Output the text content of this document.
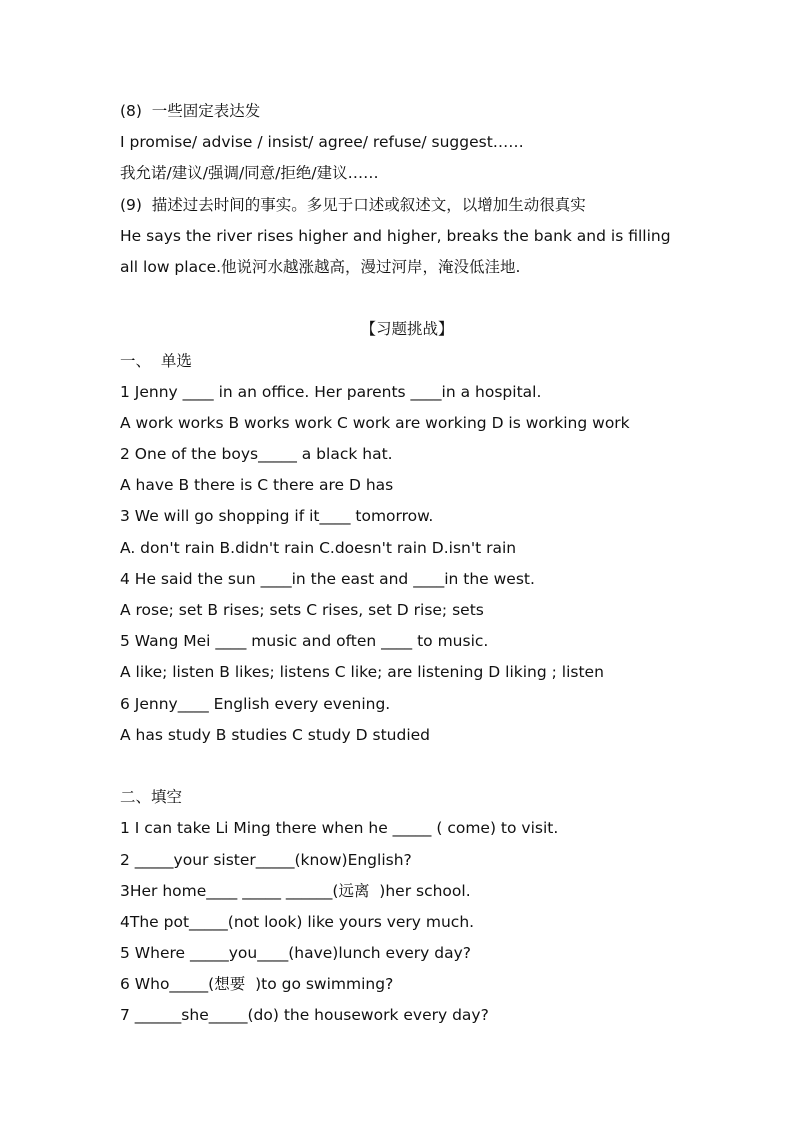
(8)  一些固定表达发
I promise/ advise / insist/ agree/ refuse/ suggest……
我允诺/建议/强调/同意/拒绝/建议……
(9)  描述过去时间的事实。多见于口述或叙述文，以增加生动很真实
He says the river rises higher and higher, breaks the bank and is filling
all low place.他说河水越涨越高，漫过河岸，淹没低洼地.
【习题挑战】
一、  单选
1 Jenny ____ in an office. Her parents ____in a hospital.
A work works B works work C work are working D is working work
2 One of the boys_____ a black hat.
A have B there is C there are D has
3 We will go shopping if it____ tomorrow.
A. don't rain B.didn't rain C.doesn't rain D.isn't rain
4 He said the sun ____in the east and ____in the west.
A rose; set B rises; sets C rises, set D rise; sets
5 Wang Mei ____ music and often ____ to music.
A like; listen B likes; listens C like; are listening D liking ; listen
6 Jenny____ English every evening.
A has study B studies C study D studied
二、填空
1 I can take Li Ming there when he _____ ( come) to visit.
2 _____your sister_____(know)English?
3Her home____ _____ ______(远离  )her school.
4The pot_____(not look) like yours very much.
5 Where _____you____(have)lunch every day?
6 Who_____(想要  )to go swimming?
7 ______she_____(do) the housework every day?
